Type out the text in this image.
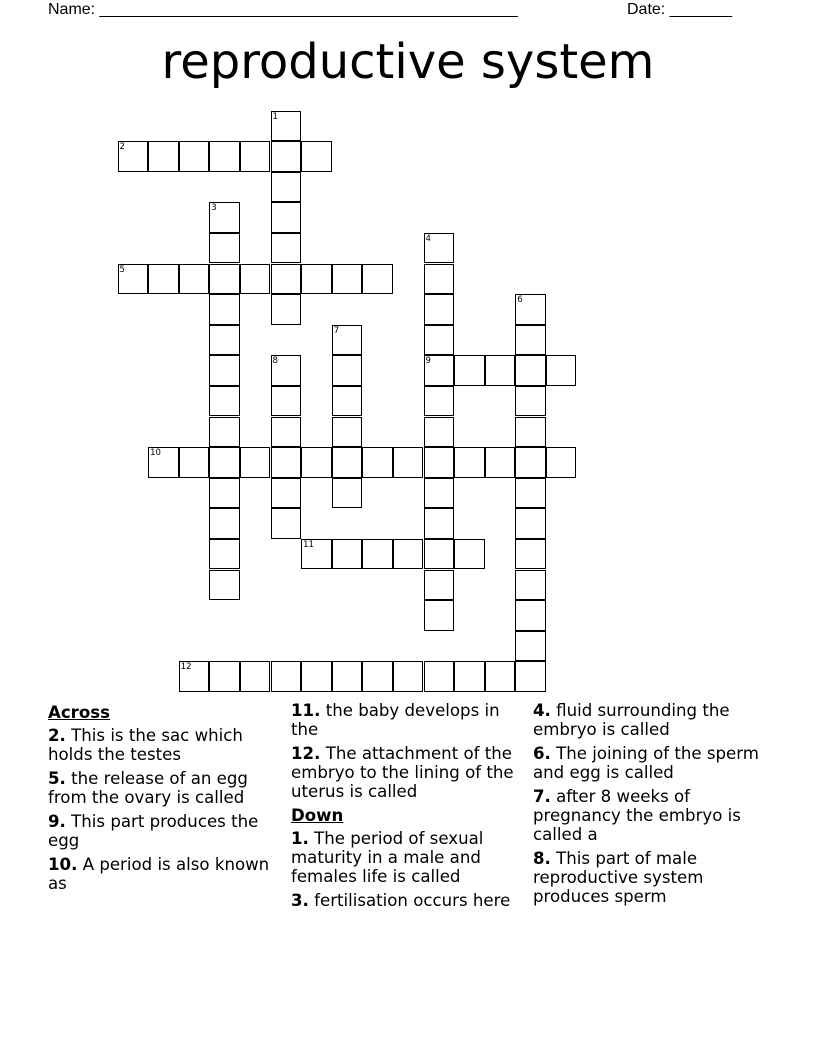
Name: _______________________________________________	Date: _______
reproductive system
1
2
3
4
9
5
6
7
8
10
11
12
Across
2. This is the sac which holds the testes
5. the release of an egg from the ovary is called
9. This part produces the egg
10. A period is also known as
11. the baby develops in the
12. The attachment of the embryo to the lining of the uterus is called
Down
1. The period of sexual maturity in a male and females life is called
3. fertilisation occurs here
4. fluid surrounding the embryo is called
6. The joining of the sperm and egg is called
7. after 8 weeks of pregnancy the embryo is called a
8. This part of male reproductive system produces sperm
